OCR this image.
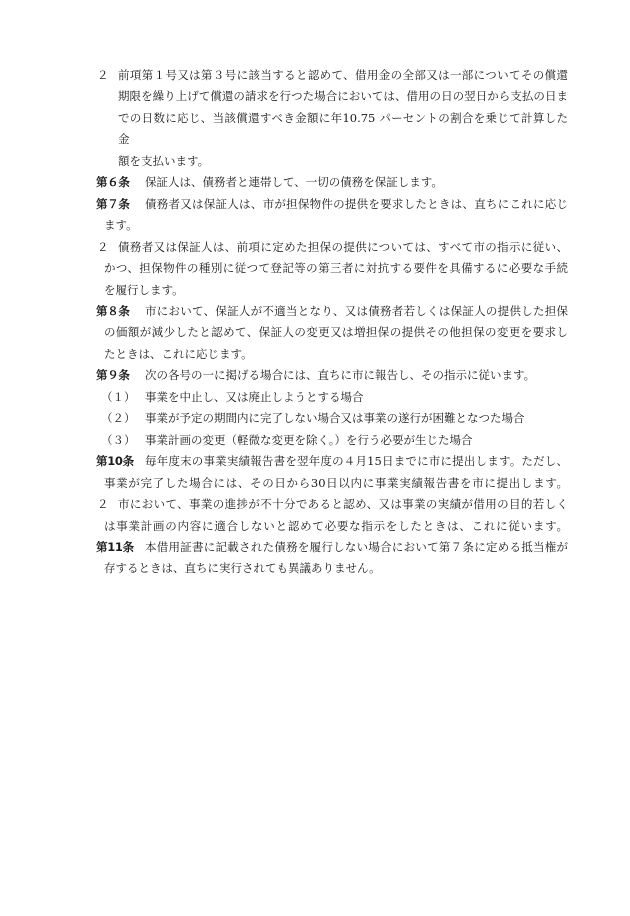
２ 前項第１号又は第３号に該当すると認めて、借用金の全部又は一部についてその償還
期限を繰り上げて償還の請求を行つた場合においては、借用の日の翌日から支払の日ま
での日数に応じ、当該償還すべき金額に年10.75 パーセントの割合を乗じて計算した金
額を支払います。
第６条	保証人は、債務者と連帯して、一切の債務を保証します。
第７条	債務者又は保証人は、市が担保物件の提供を要求したときは、直ちにこれに応じ
ます。
２ 債務者又は保証人は、前項に定めた担保の提供については、すべて市の指示に従い、
かつ、担保物件の種別に従つて登記等の第三者に対抗する要件を具備するに必要な手続
を履行します。
第８条	市において、保証人が不適当となり、又は債務者若しくは保証人の提供した担保
の価額が減少したと認めて、保証人の変更又は増担保の提供その他担保の変更を要求し
たときは、これに応じます。
第９条	次の各号の一に掲げる場合には、直ちに市に報告し、その指示に従います。
（１） 事業を中止し、又は廃止しようとする場合
（２） 事業が予定の期間内に完了しない場合又は事業の遂行が困難となつた場合
（３） 事業計画の変更（軽微な変更を除く。）を行う必要が生じた場合
第10条 毎年度末の事業実績報告書を翌年度の４月15日までに市に提出します。ただし、
事業が完了した場合には、その日から30日以内に事業実績報告書を市に提出します。
２ 市において、事業の進捗が不十分であると認め、又は事業の実績が借用の目的若しく
は事業計画の内容に適合しないと認めて必要な指示をしたときは、これに従います。
第11条 本借用証書に記載された債務を履行しない場合において第７条に定める抵当権が
存するときは、直ちに実行されても異議ありません。
